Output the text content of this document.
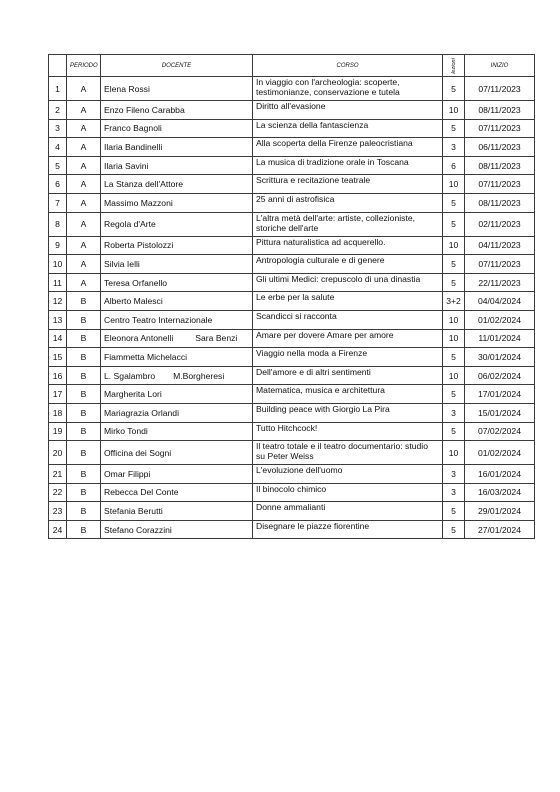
	PERIODO	DOCENTE	CORSO	lezioni	INIZIO
1	A	Elena Rossi	In viaggio con l'archeologia: scoperte, testimonianze, conservazione e tutela	5	07/11/2023
2	A	Enzo Fileno Carabba	Diritto all'evasione	10	08/11/2023
3	A	Franco Bagnoli	La scienza della fantascienza	5	07/11/2023
4	A	Ilaria Bandinelli	Alla scoperta della Firenze paleocristiana	3	06/11/2023
5	A	Ilaria Savini	La musica di tradizione orale in Toscana	6	08/11/2023
6	A	La Stanza dell'Attore	Scrittura e recitazione teatrale	10	07/11/2023
7	A	Massimo Mazzoni	25 anni di astrofisica	5	08/11/2023
8	A	Regola d'Arte	L'altra metà dell'arte: artiste, collezioniste, storiche dell'arte	5	02/11/2023
9	A	Roberta Pistolozzi	Pittura naturalistica ad acquerello.	10	04/11/2023
10	A	Silvia Ielli	Antropologia culturale e di genere	5	07/11/2023
11	A	Teresa Orfanello	Gli ultimi Medici: crepuscolo di una dinastia	5	22/11/2023
12	B	Alberto Malesci	Le erbe per la salute	3+2	04/04/2024
13	B	Centro Teatro Internazionale	Scandicci si racconta	10	01/02/2024
14	B	Eleonora Antonelli Sara Benzi	Amare per dovere Amare per amore	10	11/01/2024
15	B	Fiammetta Michelacci	Viaggio nella moda a Firenze	5	30/01/2024
16	B	L. Sgalambro M.Borgheresi	Dell'amore e di altri sentimenti	10	06/02/2024
17	B	Margherita Lori	Matematica, musica e architettura	5	17/01/2024
18	B	Mariagrazia Orlandi	Building peace with Giorgio La Pira	3	15/01/2024
19	B	Mirko Tondi	Tutto Hitchcock!	5	07/02/2024
20	B	Officina dei Sogni	Il teatro totale e il teatro documentario: studio su Peter Weiss	10	01/02/2024
21	B	Omar Filippi	L'evoluzione dell'uomo	3	16/01/2024
22	B	Rebecca Del Conte	Il binocolo chimico	3	16/03/2024
23	B	Stefania Berutti	Donne ammalianti	5	29/01/2024
24	B	Stefano Corazzini	Disegnare le piazze fiorentine	5	27/01/2024
